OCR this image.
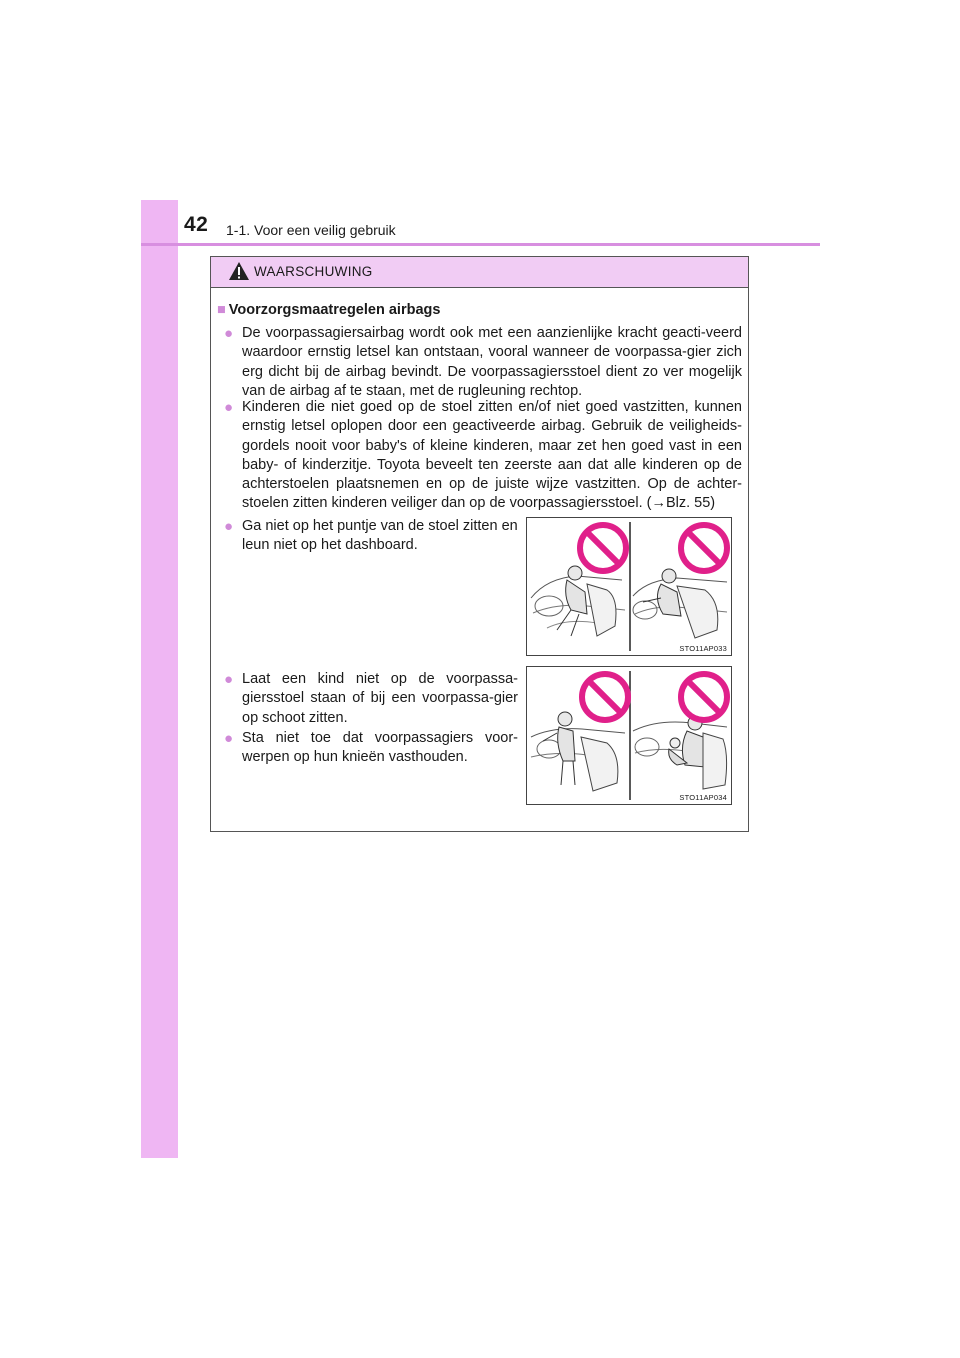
42 1-1. Voor een veilig gebruik
WAARSCHUWING
■ Voorzorgsmaatregelen airbags
● De voorpassagiersairbag wordt ook met een aanzienlijke kracht geacti-veerd waardoor ernstig letsel kan ontstaan, vooral wanneer de voorpassa-gier zich erg dicht bij de airbag bevindt. De voorpassagiersstoel dient zo ver mogelijk van de airbag af te staan, met de rugleuning rechtop.
● Kinderen die niet goed op de stoel zitten en/of niet goed vastzitten, kunnen ernstig letsel oplopen door een geactiveerde airbag. Gebruik de veiligheids-gordels nooit voor baby's of kleine kinderen, maar zet hen goed vast in een baby- of kinderzitje. Toyota beveelt ten zeerste aan dat alle kinderen op de achterstoelen plaatsnemen en op de juiste wijze vastzitten. Op de achter-stoelen zitten kinderen veiliger dan op de voorpassagiersstoel. (→Blz. 55)
● Ga niet op het puntje van de stoel zitten en leun niet op het dashboard.
● Laat een kind niet op de voorpassa-giersstoel staan of bij een voorpassa-gier op schoot zitten.
● Sta niet toe dat voorpassagiers voor-werpen op hun knieën vasthouden.
STO11AP033
STO11AP034
